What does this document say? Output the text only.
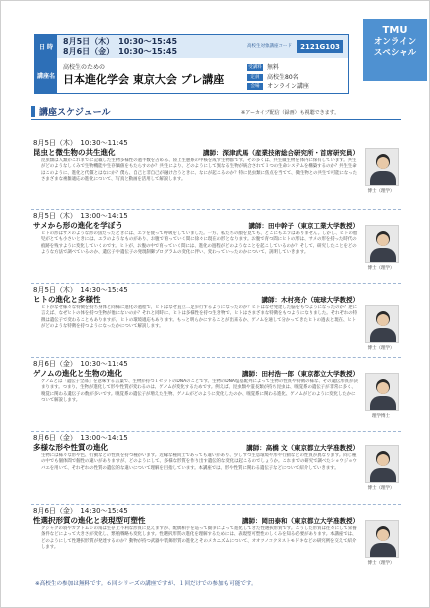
日 時
8月5日（木）　10:30〜15:45
8月6日（金）　10:30〜15:45
高校生対象講座コード	2121G103
講座名
高校生のための
日本進化学会 東京大会 プレ講座
受講料 無料
定員	高校生80名
会場	オンライン講座
TMU
オンライン
スペシャル
講座スケジュール	※アーカイブ配信（録画）も視聴できます。
8月5日（木）　10:30〜11:45
昆虫と微生物の共生進化	講師：深津武馬（産業技術総合研究所・首席研究員）
昆虫類は人類がこれまでに記載した生物多様性の過半数を占める、陸上生態系の中核を成す生物群です。その多くは、共生微生物を体内に保有しています。共生がどのようなしくみで生物機能や生存価値をもたらすのか？共生により、どのようにして異なる生物が統合されて１つの生命システムを構築するのか？共生生命はこのように、進化と代償とはなにか？僕ら、自己と非自己が融け合うときに、なにが起こるのか？特に昆虫類に焦点を当てて、微生物との共生で可能になったさまざまな複雑適応の進化について、写真と動画を活用して解説します。
博士（理学）
8月5日（木）　13:00〜14:15
サメから形の進化を学ぼう	講師：田中幹子（東京工業大学教授）
ヒトの形はサメのような形の魚だったときには、エラを使って呼吸をしていました。一方、私たちの顔を見ても、どこにもエラはありません。しかし、ヒトの胎児がとても小さいときには、エラのようなものがあり、お腹で育っていく間に徐々に現在の形となります。お腹で育つ間にヒトの形は、サメの形を持った時代の痕跡を残すように変化していくのです。ヒトが、お腹の中で育っていく間には、進化の過程がどのようなことを起こしているのか？そして、研究したことをどのような方法で調べているのか、遺伝子や遺伝子の発現制御プログラムの変化に伴い、変わっていったのかについて、説明していきます。
博士（理学）
8月5日（木）　14:30〜15:45
ヒトの進化と多様性	講師：木村亮介（琉球大学教授）
ヒトがなぜ様々な特徴を持ち身体と同様に進化の過程で、ヒトはなぜ直立二足歩行するようになったのか？ヒトはなぜ発達した脳をもつようになったのか？逆に言えば、なぜヒトの体を持つ生物が他にないのか？それと同時に、ヒトは多様性を持つ生き物で、ヒトはさまざまな特徴をもつようになりました。それぞれの特徴は遺伝子で変わることもありますが、ヒトの環境適応もあります。もっと明らかにすることが出来るか、ゲノムを通して分かってきたヒトの過去と現在、ヒトがどのような特徴を持つようになったかについて解説します。
博士（理学）
8月6日（金）　10:30〜11:45
ゲノムの進化と生物の進化	講師：田村浩一郎（東京都立大学教授）
ゲノムとは「遺伝子全部」を意味する言葉で、生物が持つ１セットのDNAのことです。生物のDNA塩基配列によって生物の性質や特徴の様な、その遺伝形質が決まります。つまり、生物が進化して形や性質が変わるのは、ゲノムが変化するためです。例えば、昆虫類や霊長類が持ち昆虫は、嗅覚系の遺伝子が非常に多く、嗅覚に関わる遺伝子の数が多いです。嗅覚系の遺伝子が増えた生物、ゲノムがどのように変化したのか、嗅覚系に関わる進化、ゲノムがどのように変化したかについて解説します。
理学博士
8月6日（金）　13:00〜14:15
多様な形や性質の進化	講師：高橋 文（東京都立大学准教授）
生物には様々な形や色、行動などの性質を持つ種がいます。近縁な種同士であっても違いがあり、少しずつ生息環境や形や行動などの性質が異なります。同じ種の中でも個体間で個性の違いがありますが、どのようにして、多様な形質を作り出す遺伝的な変化は起こるのでしょうか。これまでの研究で調べたショウジョウバエを用いて、それぞれの性質の遺伝的な違いについて理解を目指しています。本講座では、形や性質に関わる遺伝子などについて紹介していきます。
博士（理学）
8月6日（金）　14:30〜15:45
性選択形質の進化と表現型可塑性	講師：岡田泰和（東京都立大学准教授）
クジャクの羽やカブトムシの角は生存上不利な形質に見えますが、配偶相手を巡って闘争によって進化してきた性選択形質です。こうした形質は往々にして栄養条件などによって大きさが変化し、繁殖戦略も変化します。性選択形質の進化を理解するためには、表現型可塑性のしくみを知る必要があります。本講座では、どのようにして性選択形質が発達するのか？動物が持つ武器や装飾形質の進化とそのメカニズムについて、オオツノコクヌストモドキなどの研究例を交えて紹介します。
博士（理学）
※高校生の参加は無料です。６回シリーズの講座ですが、１回だけでの参加も可能です。
